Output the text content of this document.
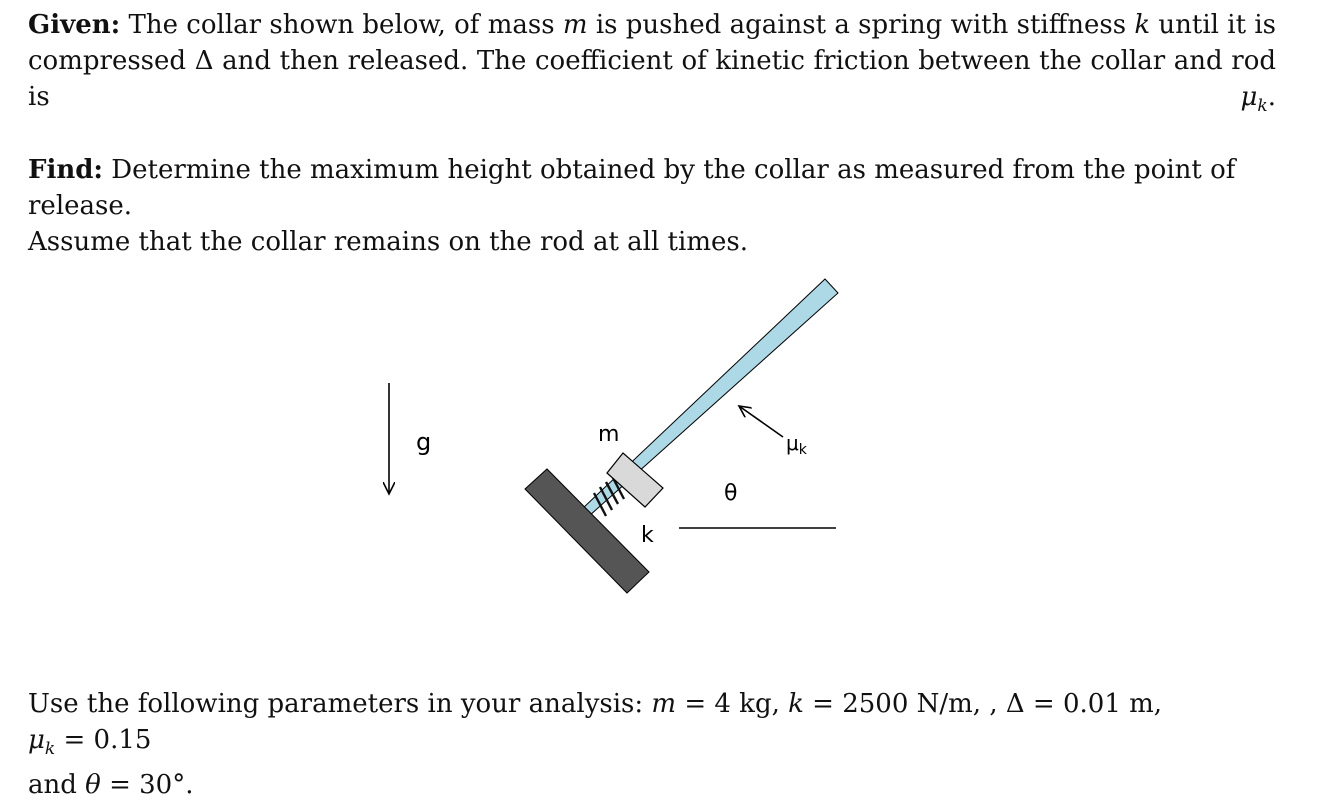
Given: The collar shown below, of mass m is pushed against a spring with stiffness k until it is compressed Δ and then released. The coefficient of kinetic friction between the collar and rod is	$\mu_k$.

Find: Determine the maximum height obtained by the collar as measured from the point of release.
Assume that the collar remains on the rod at all times.

g	m
k
θ
$\mu_k$

Use the following parameters in your analysis: m = 4 kg, k = 2500 N/m, , Δ = 0.01 m, $\mu_k = 0.15$
and θ = 30°.
